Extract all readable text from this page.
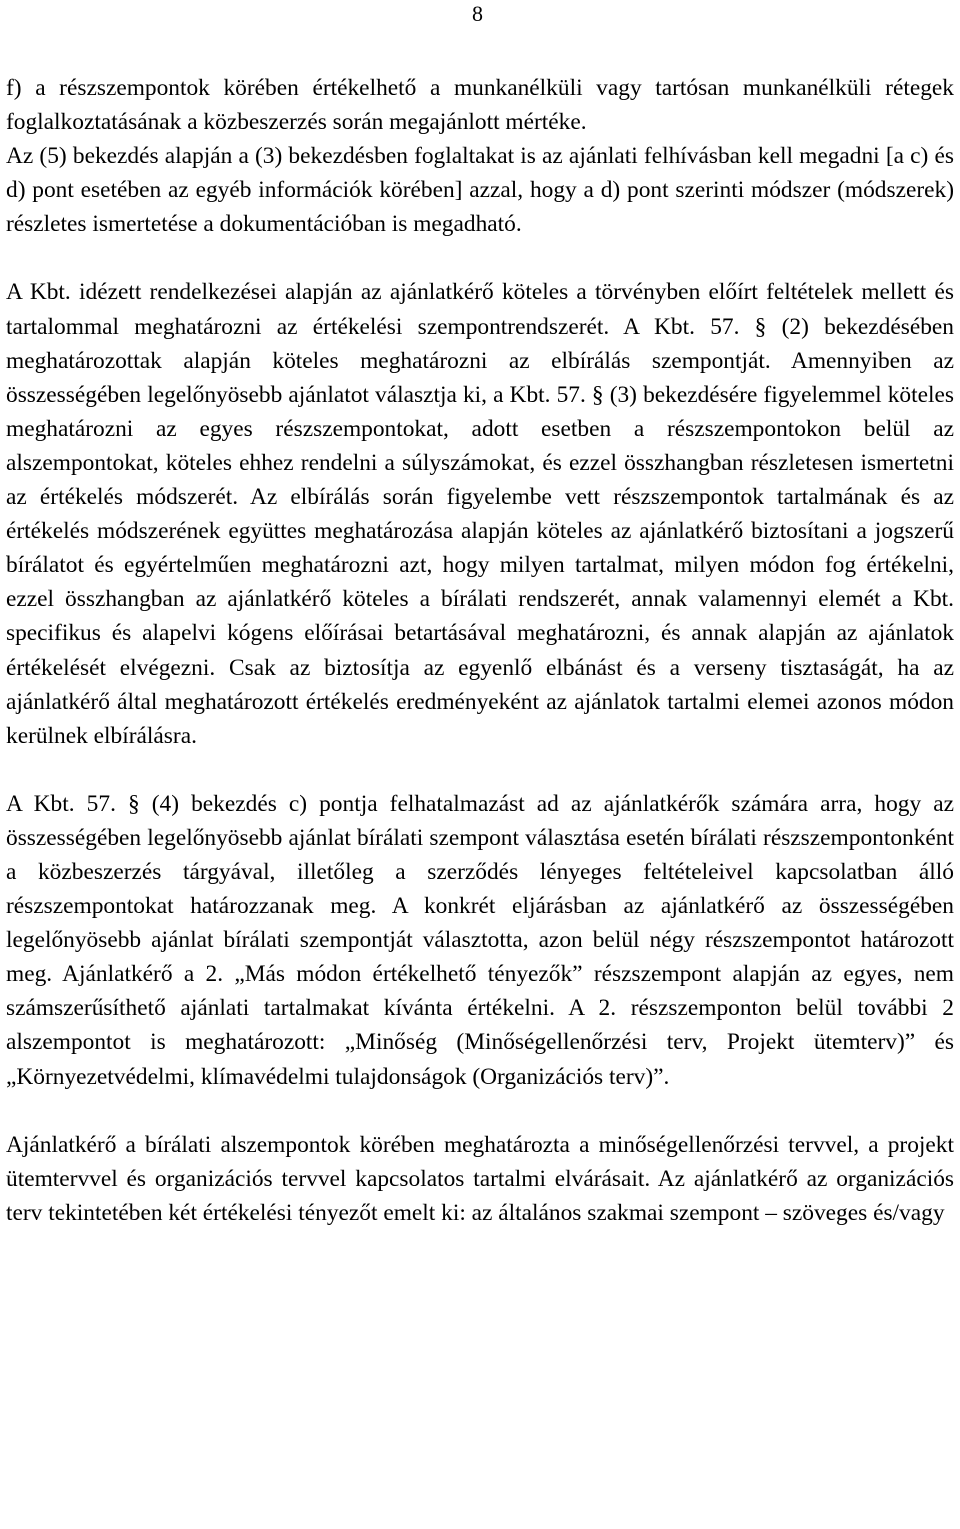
8

f) a részszempontok körében értékelhető a munkanélküli vagy tartósan munkanélküli rétegek foglalkoztatásának a közbeszerzés során megajánlott mértéke.

Az (5) bekezdés alapján a (3) bekezdésben foglaltakat is az ajánlati felhívásban kell megadni [a c) és d) pont esetében az egyéb információk körében] azzal, hogy a d) pont szerinti módszer (módszerek) részletes ismertetése a dokumentációban is megadható.

A Kbt. idézett rendelkezései alapján az ajánlatkérő köteles a törvényben előírt feltételek mellett és tartalommal meghatározni az értékelési szempontrendszerét. A Kbt. 57. § (2) bekezdésében meghatározottak alapján köteles meghatározni az elbírálás szempontját. Amennyiben az összességében legelőnyösebb ajánlatot választja ki, a Kbt. 57. § (3) bekezdésére figyelemmel köteles meghatározni az egyes részszempontokat, adott esetben a részszempontokon belül az alszempontokat, köteles ehhez rendelni a súlyszámokat, és ezzel összhangban részletesen ismertetni az értékelés módszerét. Az elbírálás során figyelembe vett részszempontok tartalmának és az értékelés módszerének együttes meghatározása alapján köteles az ajánlatkérő biztosítani a jogszerű bírálatot és egyértelműen meghatározni azt, hogy milyen tartalmat, milyen módon fog értékelni, ezzel összhangban az ajánlatkérő köteles a bírálati rendszerét, annak valamennyi elemét a Kbt. specifikus és alapelvi kógens előírásai betartásával meghatározni, és annak alapján az ajánlatok értékelését elvégezni. Csak az biztosítja az egyenlő elbánást és a verseny tisztaságát, ha az ajánlatkérő által meghatározott értékelés eredményeként az ajánlatok tartalmi elemei azonos módon kerülnek elbírálásra.

A Kbt. 57. § (4) bekezdés c) pontja felhatalmazást ad az ajánlatkérők számára arra, hogy az összességében legelőnyösebb ajánlat bírálati szempont választása esetén bírálati részszempontonként a közbeszerzés tárgyával, illetőleg a szerződés lényeges feltételeivel kapcsolatban álló részszempontokat határozzanak meg. A konkrét eljárásban az ajánlatkérő az összességében legelőnyösebb ajánlat bírálati szempontját választotta, azon belül négy részszempontot határozott meg. Ajánlatkérő a 2. „Más módon értékelhető tényezők” részszempont alapján az egyes, nem számszerűsíthető ajánlati tartalmakat kívánta értékelni. A 2. részszemponton belül további 2 alszempontot is meghatározott: „Minőség (Minőségellenőrzési terv, Projekt ütemterv)” és „Környezetvédelmi, klímavédelmi tulajdonságok (Organizációs terv)”.

Ajánlatkérő a bírálati alszempontok körében meghatározta a minőségellenőrzési tervvel, a projekt ütemtervvel és organizációs tervvel kapcsolatos tartalmi elvárásait. Az ajánlatkérő az organizációs terv tekintetében két értékelési tényezőt emelt ki: az általános szakmai szempont – szöveges és/vagy
